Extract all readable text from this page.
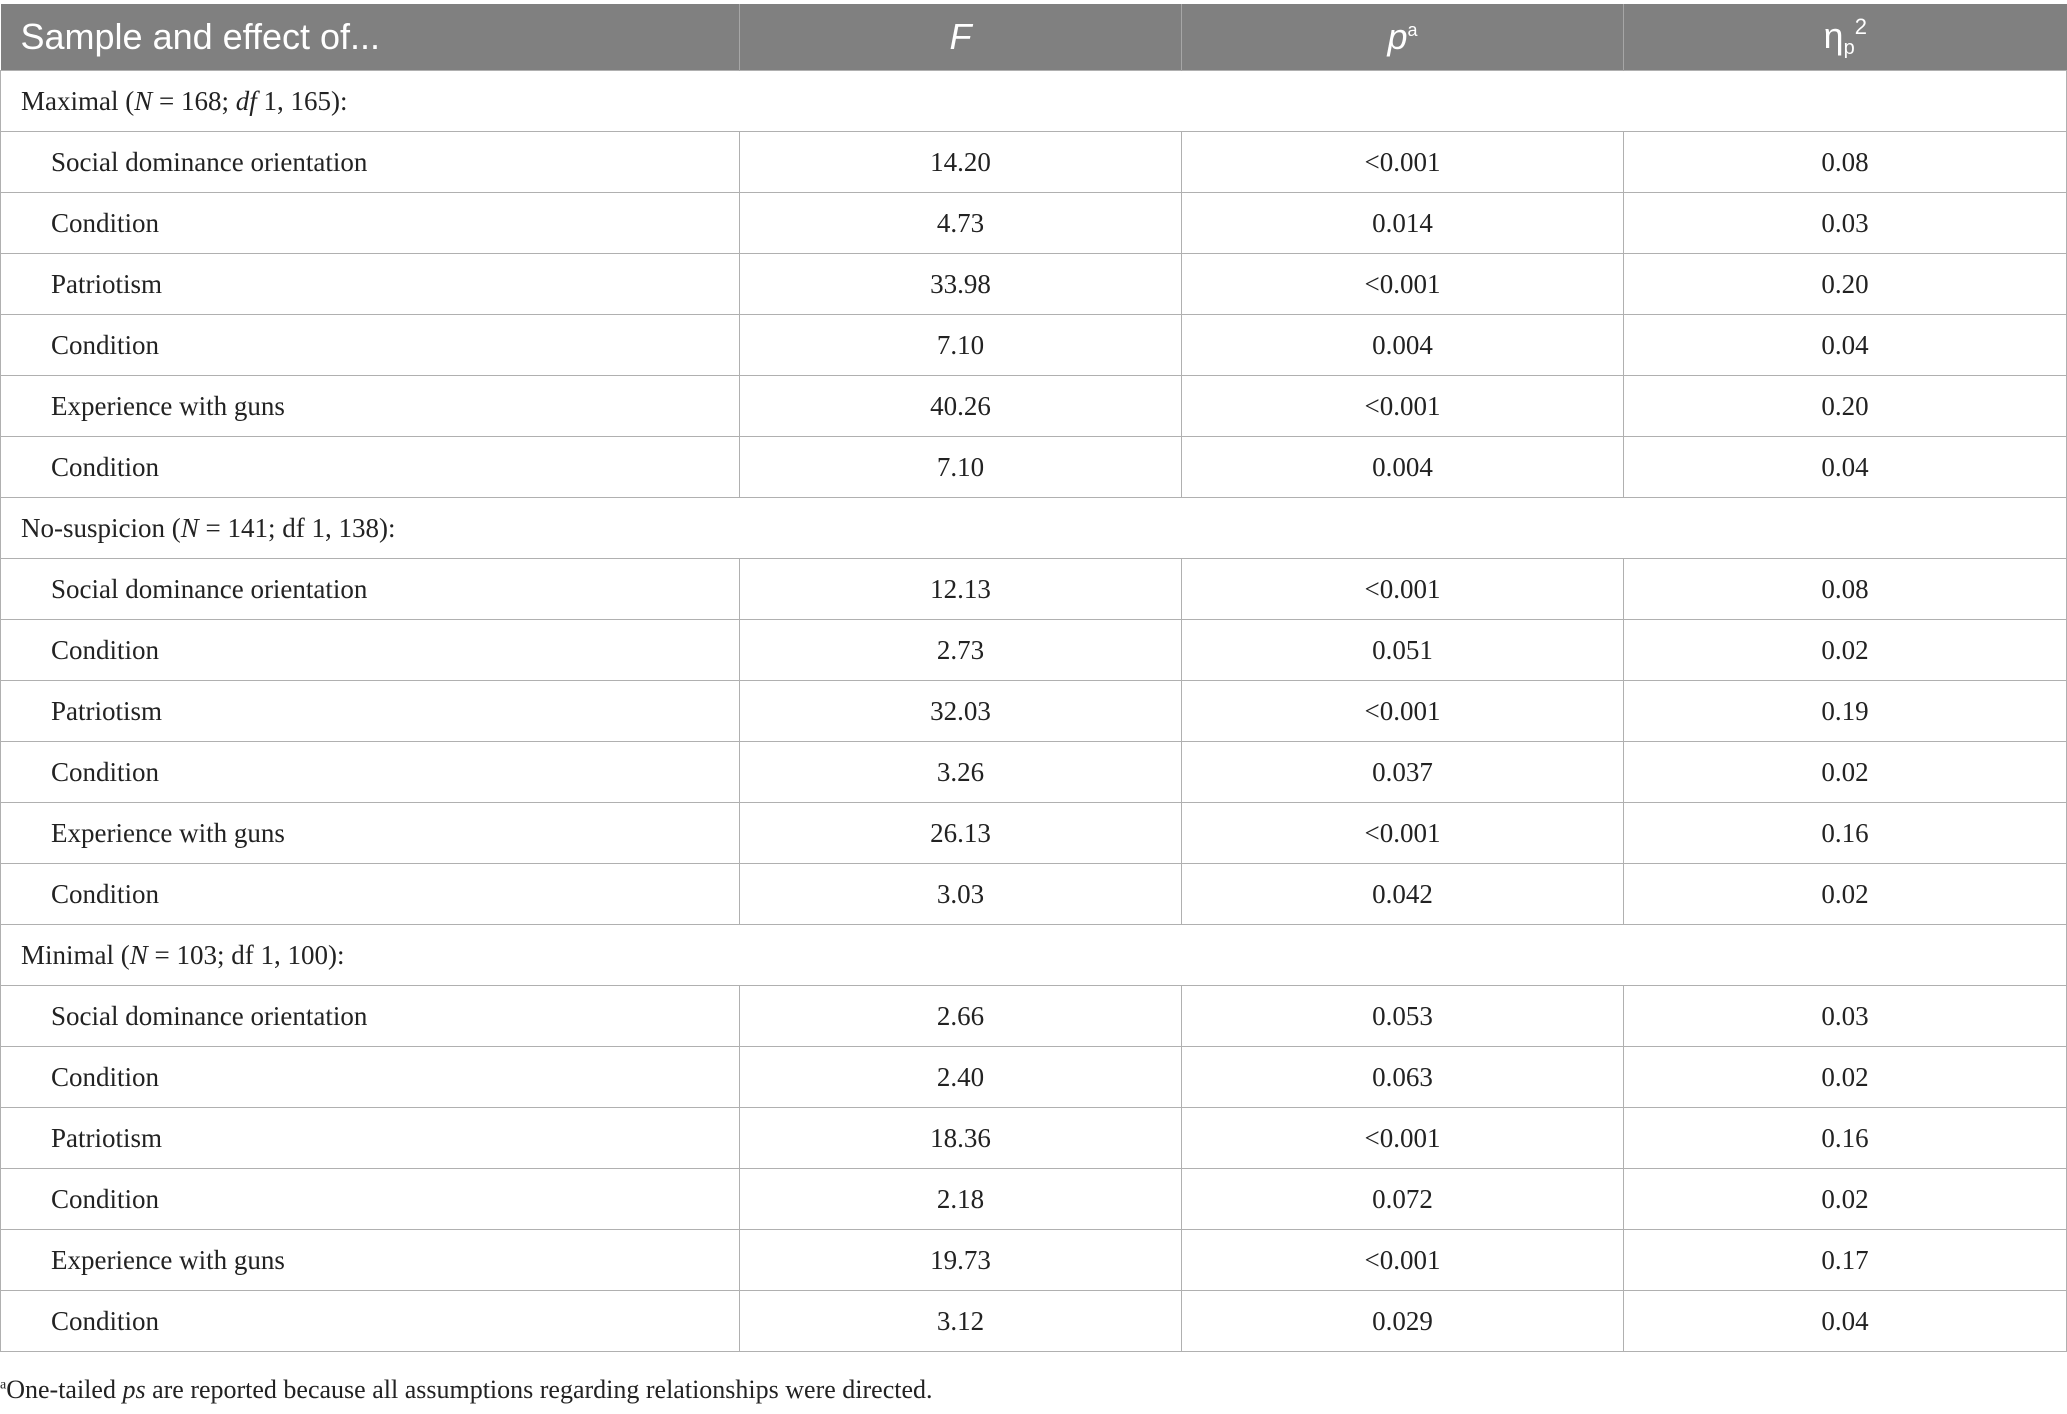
Sample and effect of...	F	$p^a$	$\eta p^2$
Maximal (N = 168; df 1, 165):			
Social dominance orientation	14.20	<0.001	0.08
Condition	4.73	0.014	0.03
Patriotism	33.98	<0.001	0.20
Condition	7.10	0.004	0.04
Experience with guns	40.26	<0.001	0.20
Condition	7.10	0.004	0.04
No-suspicion (N = 141; df 1, 138):			
Social dominance orientation	12.13	<0.001	0.08
Condition	2.73	0.051	0.02
Patriotism	32.03	<0.001	0.19
Condition	3.26	0.037	0.02
Experience with guns	26.13	<0.001	0.16
Condition	3.03	0.042	0.02
Minimal (N = 103; df 1, 100):			
Social dominance orientation	2.66	0.053	0.03
Condition	2.40	0.063	0.02
Patriotism	18.36	<0.001	0.16
Condition	2.18	0.072	0.02
Experience with guns	19.73	<0.001	0.17
Condition	3.12	0.029	0.04
$^a$One-tailed ps are reported because all assumptions regarding relationships were directed.
